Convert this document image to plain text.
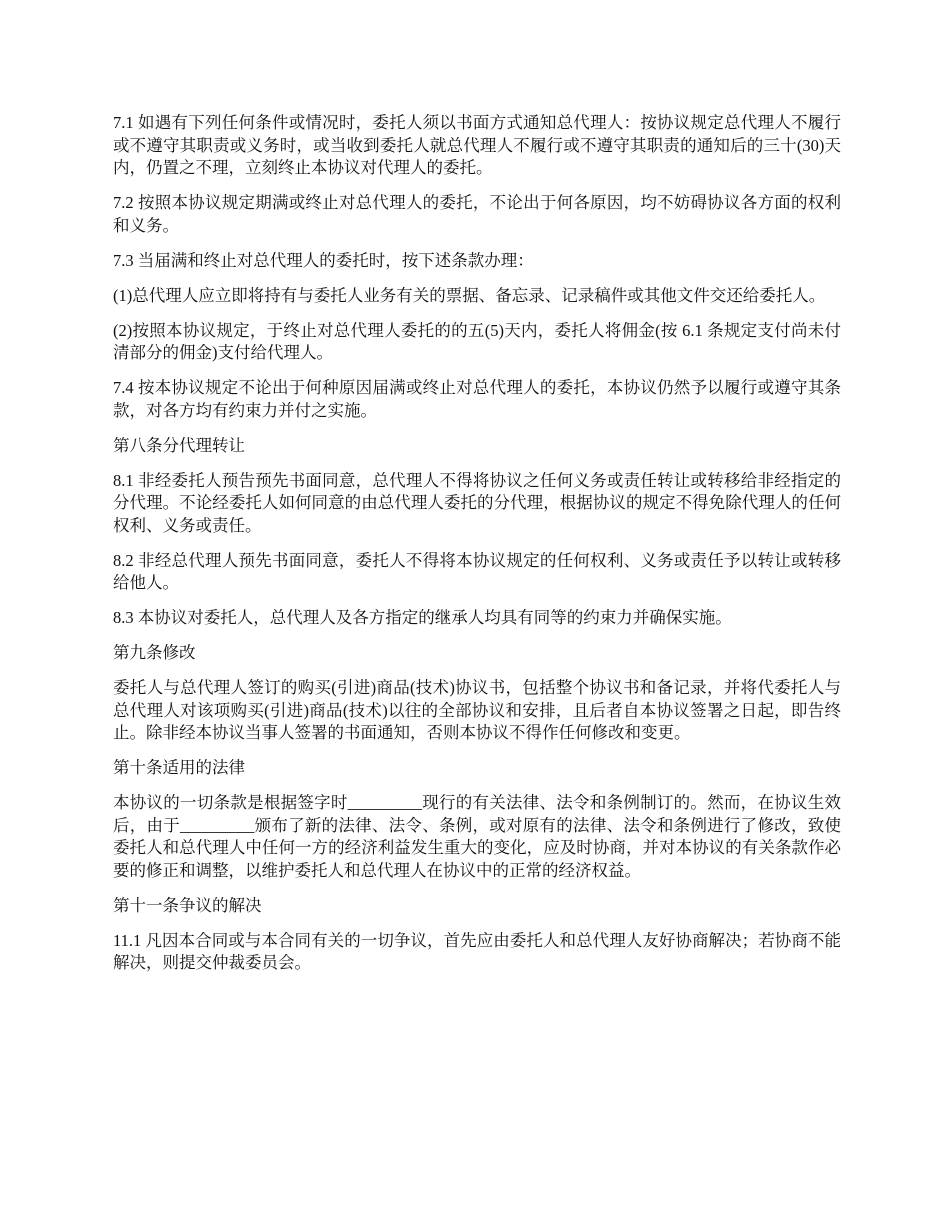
7.1 如遇有下列任何条件或情况时，委托人须以书面方式通知总代理人：按协议规定总代理人不履行或不遵守其职责或义务时，或当收到委托人就总代理人不履行或不遵守其职责的通知后的三十(30)天内，仍置之不理，立刻终止本协议对代理人的委托。

7.2 按照本协议规定期满或终止对总代理人的委托，不论出于何各原因，均不妨碍协议各方面的权利和义务。

7.3 当届满和终止对总代理人的委托时，按下述条款办理：

(1)总代理人应立即将持有与委托人业务有关的票据、备忘录、记录稿件或其他文件交还给委托人。

(2)按照本协议规定，于终止对总代理人委托的的五(5)天内，委托人将佣金(按 6.1 条规定支付尚未付清部分的佣金)支付给代理人。

7.4 按本协议规定不论出于何种原因届满或终止对总代理人的委托，本协议仍然予以履行或遵守其条款，对各方均有约束力并付之实施。

第八条分代理转让

8.1 非经委托人预告预先书面同意，总代理人不得将协议之任何义务或责任转让或转移给非经指定的分代理。不论经委托人如何同意的由总代理人委托的分代理，根据协议的规定不得免除代理人的任何权利、义务或责任。

8.2 非经总代理人预先书面同意，委托人不得将本协议规定的任何权利、义务或责任予以转让或转移给他人。

8.3 本协议对委托人，总代理人及各方指定的继承人均具有同等的约束力并确保实施。

第九条修改

委托人与总代理人签订的购买(引进)商品(技术)协议书，包括整个协议书和备记录，并将代委托人与总代理人对该项购买(引进)商品(技术)以往的全部协议和安排，且后者自本协议签署之日起，即告终止。除非经本协议当事人签署的书面通知，否则本协议不得作任何修改和变更。

第十条适用的法律

本协议的一切条款是根据签字时_________现行的有关法律、法令和条例制订的。然而，在协议生效后，由于_________颁布了新的法律、法令、条例，或对原有的法律、法令和条例进行了修改，致使委托人和总代理人中任何一方的经济利益发生重大的变化，应及时协商，并对本协议的有关条款作必要的修正和调整，以维护委托人和总代理人在协议中的正常的经济权益。

第十一条争议的解决

11.1 凡因本合同或与本合同有关的一切争议，首先应由委托人和总代理人友好协商解决；若协商不能解决，则提交仲裁委员会。
